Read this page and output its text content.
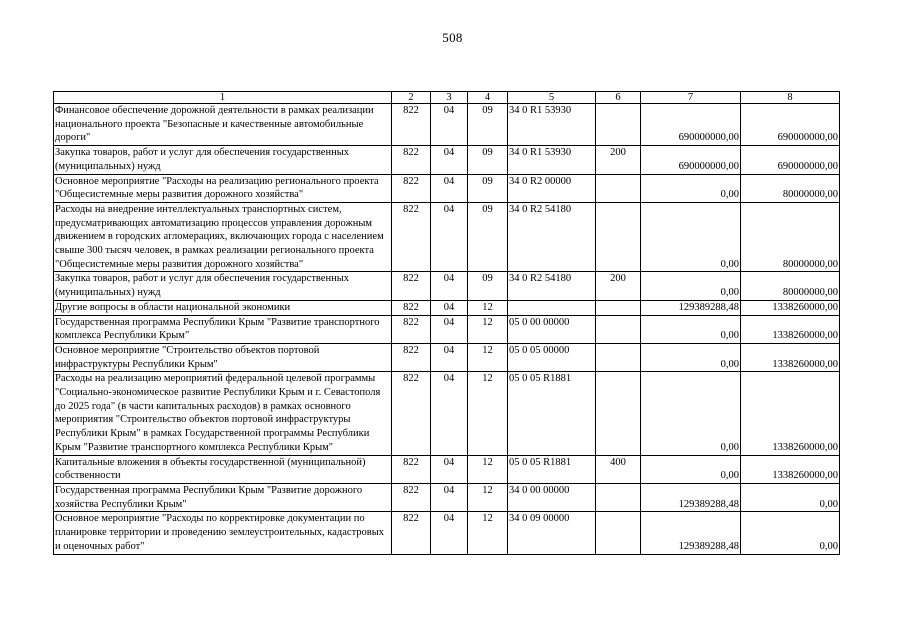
508
1	2	3	4	5	6	7	8
Финансовое обеспечение дорожной деятельности в рамках реализации национального проекта "Безопасные и качественные автомобильные дороги"	822	04	09	34 0 R1 53930		690000000,00	690000000,00
Закупка товаров, работ и услуг для обеспечения государственных (муниципальных) нужд	822	04	09	34 0 R1 53930	200	690000000,00	690000000,00
Основное мероприятие "Расходы на реализацию регионального проекта "Общесистемные меры развития дорожного хозяйства"	822	04	09	34 0 R2 00000		0,00	80000000,00
Расходы на внедрение интеллектуальных транспортных систем, предусматривающих автоматизацию процессов управления дорожным движением в городских агломерациях, включающих города с населением свыше 300 тысяч человек, в рамках реализации регионального проекта "Общесистемные меры развития дорожного хозяйства"	822	04	09	34 0 R2 54180		0,00	80000000,00
Закупка товаров, работ и услуг для обеспечения государственных (муниципальных) нужд	822	04	09	34 0 R2 54180	200	0,00	80000000,00
Другие вопросы в области национальной экономики	822	04	12			129389288,48	1338260000,00
Государственная программа Республики Крым "Развитие транспортного комплекса Республики Крым"	822	04	12	05 0 00 00000		0,00	1338260000,00
Основное мероприятие "Строительство объектов портовой инфраструктуры Республики Крым"	822	04	12	05 0 05 00000		0,00	1338260000,00
Расходы на реализацию мероприятий федеральной целевой программы "Социально-экономическое развитие Республики Крым и г. Севастополя до 2025 года" (в части капитальных расходов) в рамках основного мероприятия "Строительство объектов портовой инфраструктуры Республики Крым" в рамках Государственной программы Республики Крым "Развитие транспортного комплекса Республики Крым"	822	04	12	05 0 05 R1881		0,00	1338260000,00
Капитальные вложения в объекты государственной (муниципальной) собственности	822	04	12	05 0 05 R1881	400	0,00	1338260000,00
Государственная программа Республики Крым "Развитие дорожного хозяйства Республики Крым"	822	04	12	34 0 00 00000		129389288,48	0,00
Основное мероприятие "Расходы по корректировке документации по планировке территории и проведению землеустроительных, кадастровых и оценочных работ"	822	04	12	34 0 09 00000		129389288,48	0,00
